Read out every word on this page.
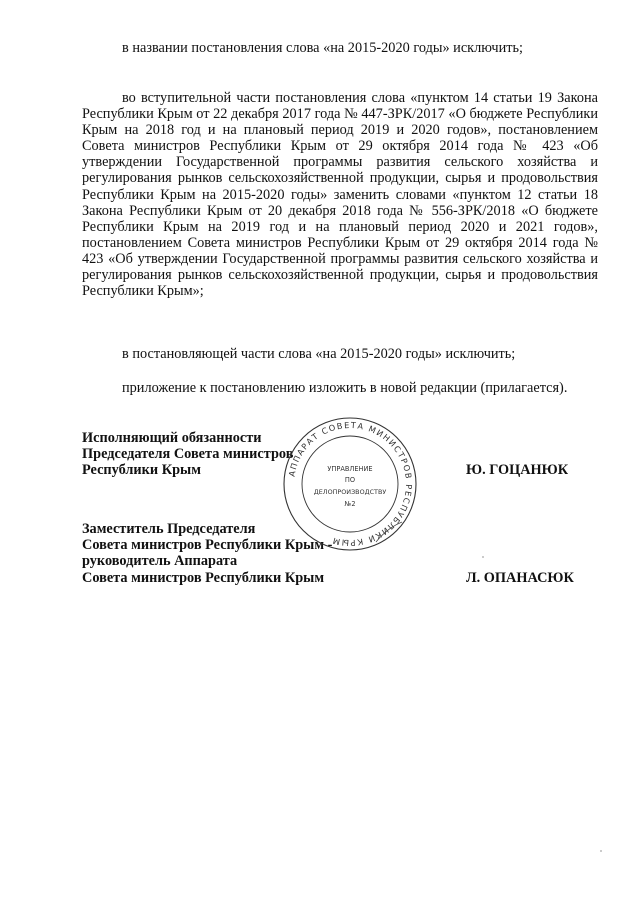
в названии постановления слова «на 2015-2020 годы» исключить;

во вступительной части постановления слова «пунктом 14 статьи 19 Закона Республики Крым от 22 декабря 2017 года № 447-ЗРК/2017 «О бюджете Республики Крым на 2018 год и на плановый период 2019 и 2020 годов», постановлением Совета министров Республики Крым от 29 октября 2014 года № 423 «Об утверждении Государственной программы развития сельского хозяйства и регулирования рынков сельскохозяйственной продукции, сырья и продовольствия Республики Крым на 2015-2020 годы» заменить словами «пунктом 12 статьи 18 Закона Республики Крым от 20 декабря 2018 года № 556-ЗРК/2018 «О бюджете Республики Крым на 2019 год и на плановый период 2020 и 2021 годов», постановлением Совета министров Республики Крым от 29 октября 2014 года № 423 «Об утверждении Государственной программы развития сельского хозяйства и регулирования рынков сельскохозяйственной продукции, сырья и продовольствия Республики Крым»;

в постановляющей части слова «на 2015-2020 годы» исключить;

приложение к постановлению изложить в новой редакции (прилагается).

Исполняющий обязанности
Председателя Совета министров
Республики Крым	Ю. ГОЦАНЮК
Заместитель Председателя
Совета министров Республики Крым -
руководитель Аппарата
Совета министров Республики Крым	Л. ОПАНАСЮК
АППАРАТ СОВЕТА МИНИСТРОВ РЕСПУБЛИКИ КРЫМ
УПРАВЛЕНИЕ
ПО
ДЕЛОПРОИЗВОДСТВУ
№2
